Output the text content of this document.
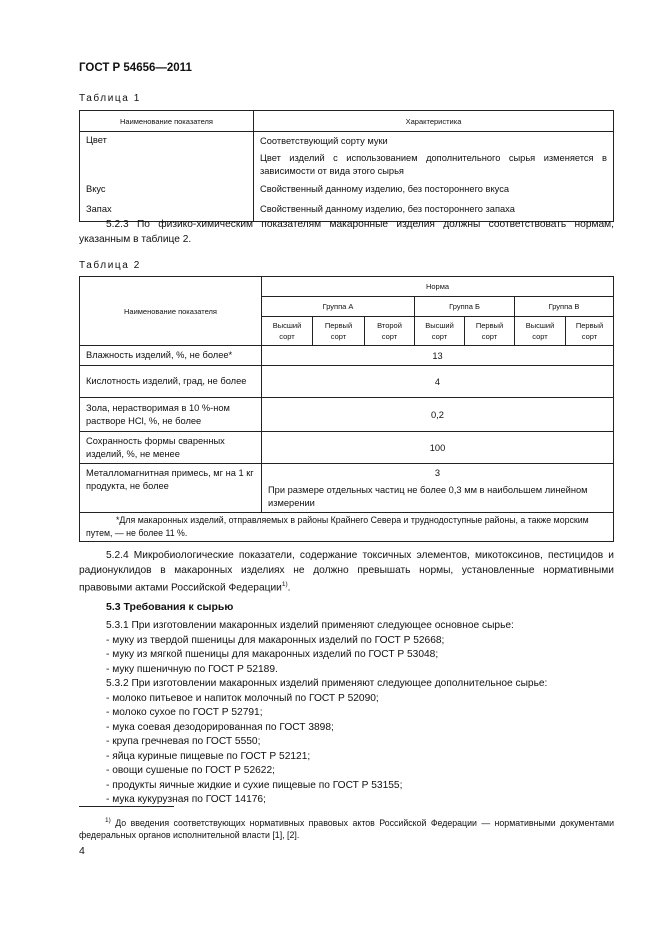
ГОСТ Р 54656—2011
Таблица 1
Наименование показателя	Характеристика
Цвет	Соответствующий сорту муки
Цвет изделий с использованием дополнительного сырья изменяется в зависимости от вида этого сырья

Вкус	Свойственный данному изделию, без постороннего вкуса
Запах	Свойственный данному изделию, без постороннего запаха
5.2.3 По физико-химическим показателям макаронные изделия должны соответствовать нормам, указанным в таблице 2.
Таблица 2
Наименование показателя	Норма						
	Группа А			Группа Б		Группа В	
	Высший сорт	Первый сорт	Второй сорт	Высший сорт	Первый сорт	Высший сорт	Первый сорт
Влажность изделий, %, не более*	13						
Кислотность изделий, град, не более	4						
Зола, нерастворимая в 10 %-ном растворе HCl, %, не более	0,2						
Сохранность формы сваренных изделий, %, не менее	100						
Металломагнитная примесь, мг на 1 кг продукта, не более	3						
	При размере отдельных частиц не более 0,3 мм в наибольшем линейном измерении						
*Для макаронных изделий, отправляемых в районы Крайнего Севера и труднодоступные районы, а также морским путем, — не более 11 %.							
5.2.4 Микробиологические показатели, содержание токсичных элементов, микотоксинов, пестицидов и радионуклидов в макаронных изделиях не должно превышать нормы, установленные нормативными правовыми актами Российской Федерации$^{1)}$.
5.3 Требования к сырью
5.3.1 При изготовлении макаронных изделий применяют следующее основное сырье:
- муку из твердой пшеницы для макаронных изделий по ГОСТ Р 52668;
- муку из мягкой пшеницы для макаронных изделий по ГОСТ Р 53048;
- муку пшеничную по ГОСТ Р 52189.
5.3.2 При изготовлении макаронных изделий применяют следующее дополнительное сырье:
- молоко питьевое и напиток молочный по ГОСТ Р 52090;
- молоко сухое по ГОСТ Р 52791;
- мука соевая дезодорированная по ГОСТ 3898;
- крупа гречневая по ГОСТ 5550;
- яйца куриные пищевые по ГОСТ Р 52121;
- овощи сушеные по ГОСТ Р 52622;
- продукты яичные жидкие и сухие пищевые по ГОСТ Р 53155;
- мука кукурузная по ГОСТ 14176;
$^{1)}$ До введения соответствующих нормативных правовых актов Российской Федерации — нормативными документами федеральных органов исполнительной власти [1], [2].
4
